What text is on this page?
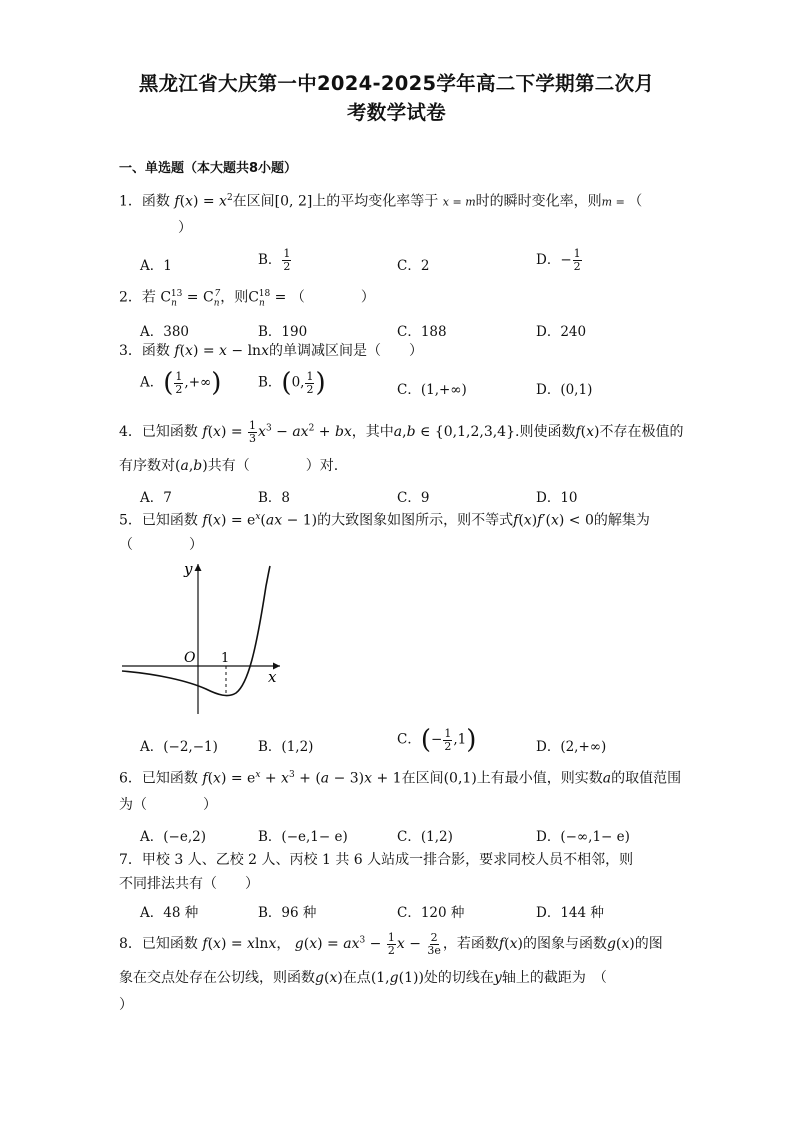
黑龙江省大庆第一中2024-2025学年高二下学期第二次月
考数学试卷
一、单选题（本大题共8小题）
1．函数 $f(x) = x^2$在区间[0, 2]上的平均变化率等于 x = m时的瞬时变化率，则m = （
）
A．1	B． $\frac{1}{2}$	C．2	D．− $\frac{1}{2}$
2．若 $C_n^{13} = C_n^7$，则$C_n^{18}$ = （　　　　）
A．380	B．190	C．188	D．240
3．函数 f(x) = x − lnx的单调减区间是（　　）
A．( $\frac{1}{2}$ ,+∞)	B．(0, $\frac{1}{2}$ )	C．(1,+∞)	D．(0,1)
4．已知函数 $f(x) = \frac{1}{3} x^3 - ax^2$ + bx，其中a,b ∈ {0,1,2,3,4}.则使函数f(x)不存在极值的
有序数对(a,b)共有（　　　　）对.
A．7	B．8	C．9	D．10
5．已知函数 $f(x) = e^x(ax - 1)$的大致图象如图所示，则不等式f(x)f′(x) < 0的解集为
（　　　　）
y
x
O 1
A．(−2,−1)	B．(1,2)	C．(− $\frac{1}{2} ,1$)	D．(2,+∞)
6．已知函数 $f(x) = e^x + x^3 + (a - 3)x + 1$在区间(0,1)上有最小值，则实数a的取值范围
为（　　　　）
A．(−e,2)	B．(−e,1− e)	C．(1,2)	D．(−∞,1− e)
7．甲校 3 人、乙校 2 人、丙校 1 共 6 人站成一排合影，要求同校人员不相邻，则
不同排法共有（　　）
A．48 种	B．96 种	C．120 种	D．144 种
8．已知函数 f(x) = xlnx， $g(x) = ax^3 - \frac{1}{2}$ $x - \frac{2}{3e}$ ，若函数f(x)的图象与函数g(x)的图
象在交点处存在公切线，则函数g(x)在点(1,g(1))处的切线在y轴上的截距为　（
）
